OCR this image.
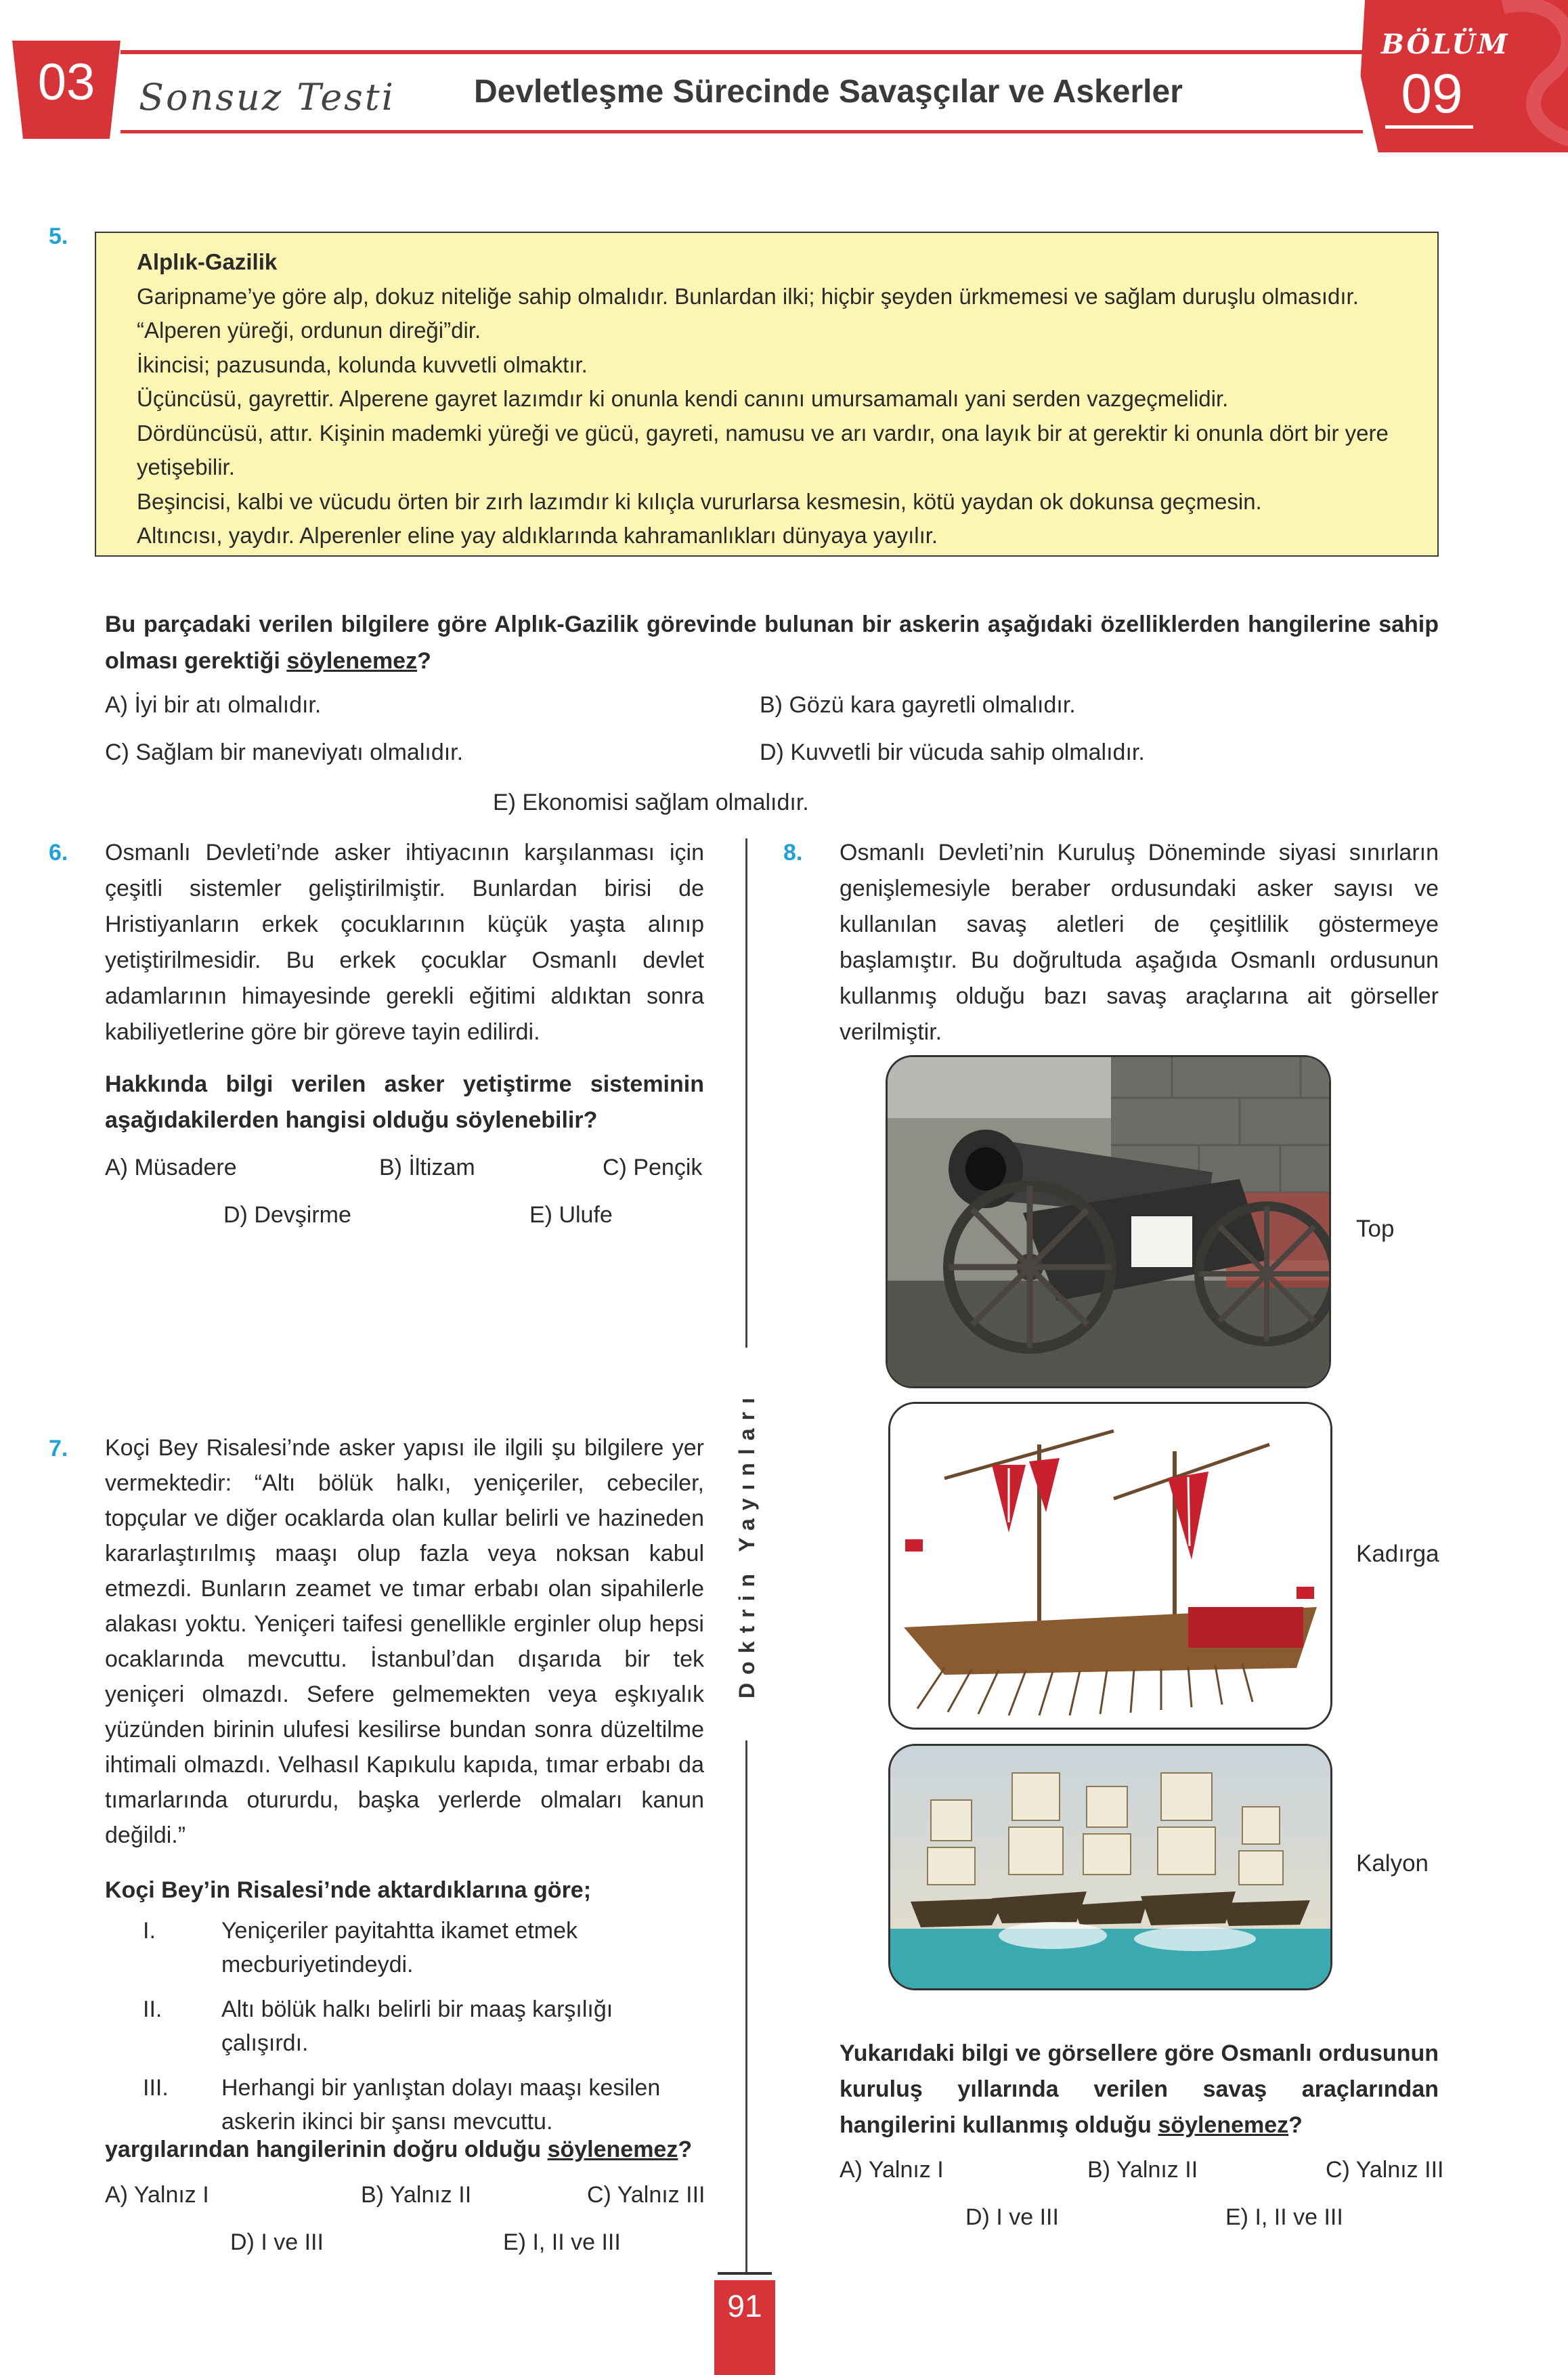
03	Sonsuz Testi Devletleşme Sürecinde Savaşçılar ve Askerler
BÖLÜM
09
5.

Alplık-Gazilik

Garipname’ye göre alp, dokuz niteliğe sahip olmalıdır. Bunlardan ilki; hiçbir şeyden ürkmemesi ve sağlam duruşlu olmasıdır.

“Alperen yüreği, ordunun direği”dir.

İkincisi; pazusunda, kolunda kuvvetli olmaktır.

Üçüncüsü, gayrettir. Alperene gayret lazımdır ki onunla kendi canını umursamamalı yani serden vazgeçmelidir.

Dördüncüsü, attır. Kişinin mademki yüreği ve gücü, gayreti, namusu ve arı vardır, ona layık bir at gerektir ki onunla dört bir yere yetişebilir.

Beşincisi, kalbi ve vücudu örten bir zırh lazımdır ki kılıçla vururlarsa kesmesin, kötü yaydan ok dokunsa geçmesin.

Altıncısı, yaydır. Alperenler eline yay aldıklarında kahramanlıkları dünyaya yayılır.

Bu parçadaki verilen bilgilere göre Alplık-Gazilik görevinde bulunan bir askerin aşağıdaki özelliklerden hangilerine sahip olması gerektiği söylenemez?
A) İyi bir atı olmalıdır.	B) Gözü kara gayretli olmalıdır.
C) Sağlam bir maneviyatı olmalıdır.	D) Kuvvetli bir vücuda sahip olmalıdır.
E) Ekonomisi sağlam olmalıdır.
Doktrin Yayınları
6. Osmanlı Devleti’nde asker ihtiyacının karşılanması için çeşitli sistemler geliştirilmiştir. Bunlardan birisi de Hristiyanların erkek çocuklarının küçük yaşta alınıp yetiştirilmesidir. Bu erkek çocuklar Osmanlı devlet adamlarının himayesinde gerekli eğitimi aldıktan sonra kabiliyetlerine göre bir göreve tayin edilirdi.
Hakkında bilgi verilen asker yetiştirme sisteminin aşağıdakilerden hangisi olduğu söylenebilir?
A) Müsadere	B) İltizam	C) Pençik
D) Devşirme	E) Ulufe
7. Koçi Bey Risalesi’nde asker yapısı ile ilgili şu bilgilere yer vermektedir: “Altı bölük halkı, yeniçeriler, cebeciler, topçular ve diğer ocaklarda olan kullar belirli ve hazineden kararlaştırılmış maaşı olup fazla veya noksan kabul etmezdi. Bunların zeamet ve tımar erbabı olan sipahilerle alakası yoktu. Yeniçeri taifesi genellikle erginler olup hepsi ocaklarında mevcuttu. İstanbul’dan dışarıda bir tek yeniçeri olmazdı. Sefere gelmemekten veya eşkıyalık yüzünden birinin ulufesi kesilirse bundan sonra düzeltilme ihtimali olmazdı. Velhasıl Kapıkulu kapıda, tımar erbabı da tımarlarında otururdu, başka yerlerde olmaları kanun değildi.”
Koçi Bey’in Risalesi’nde aktardıklarına göre;
I.	Yeniçeriler payitahtta ikamet etmek mecburiyetindeydi.
II.	Altı bölük halkı belirli bir maaş karşılığı çalışırdı.
III.	Herhangi bir yanlıştan dolayı maaşı kesilen askerin ikinci bir şansı mevcuttu.
yargılarından hangilerinin doğru olduğu söylenemez?
A) Yalnız I	B) Yalnız II	C) Yalnız III
D) I ve III	E) I, II ve III
8. Osmanlı Devleti’nin Kuruluş Döneminde siyasi sınırların genişlemesiyle beraber ordusundaki asker sayısı ve kullanılan savaş aletleri de çeşitlilik göstermeye başlamıştır. Bu doğrultuda aşağıda Osmanlı ordusunun kullanmış olduğu bazı savaş araçlarına ait görseller verilmiştir.
Top
Kadırga
Kalyon
Yukarıdaki bilgi ve görsellere göre Osmanlı ordusunun kuruluş yıllarında verilen savaş araçlarından hangilerini kullanmış olduğu söylenemez?
A) Yalnız I	B) Yalnız II	C) Yalnız III
D) I ve III	E) I, II ve III
91
